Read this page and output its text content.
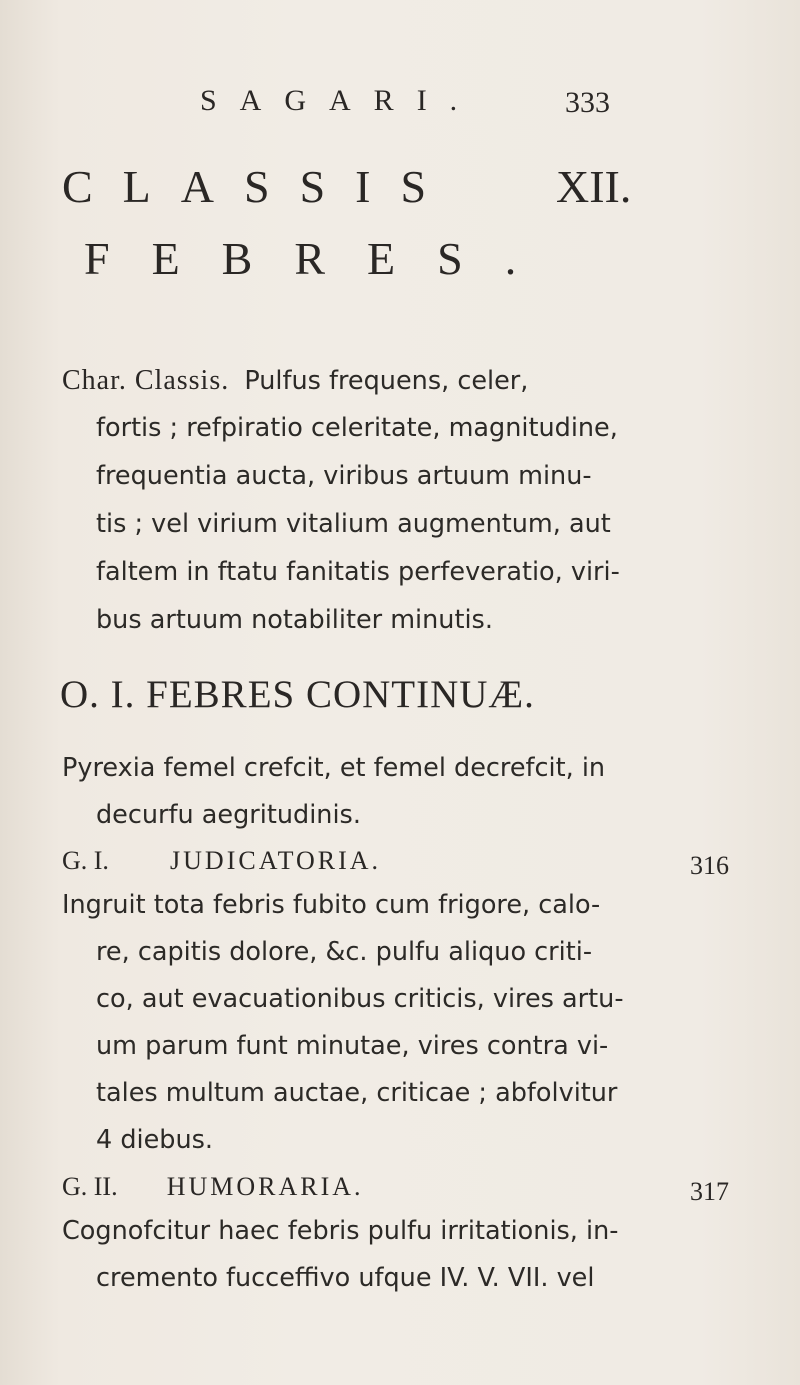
SAGARI.	333
CLASSIS XII.
FEBRES.
Char. Classis. Pulfus frequens, celer,
fortis ; refpiratio celeritate, magnitudine,
frequentia aucta, viribus artuum minu-
tis ; vel virium vitalium augmentum, aut
faltem in ftatu fanitatis perfeveratio, viri-
bus artuum notabiliter minutis.
O. I. FEBRES CONTINUÆ.
Pyrexia femel crefcit, et femel decrefcit, in
decurfu aegritudinis.
G. I. JUDICATORIA.	316
Ingruit tota febris fubito cum frigore, calo-
re, capitis dolore, &c. pulfu aliquo criti-
co, aut evacuationibus criticis, vires artu-
um parum funt minutae, vires contra vi-
tales multum auctae, criticae ; abfolvitur
4 diebus.
G. II. HUMORARIA.	317
Cognofcitur haec febris pulfu irritationis, in-
cremento fucceffivo ufque IV. V. VII. vel
